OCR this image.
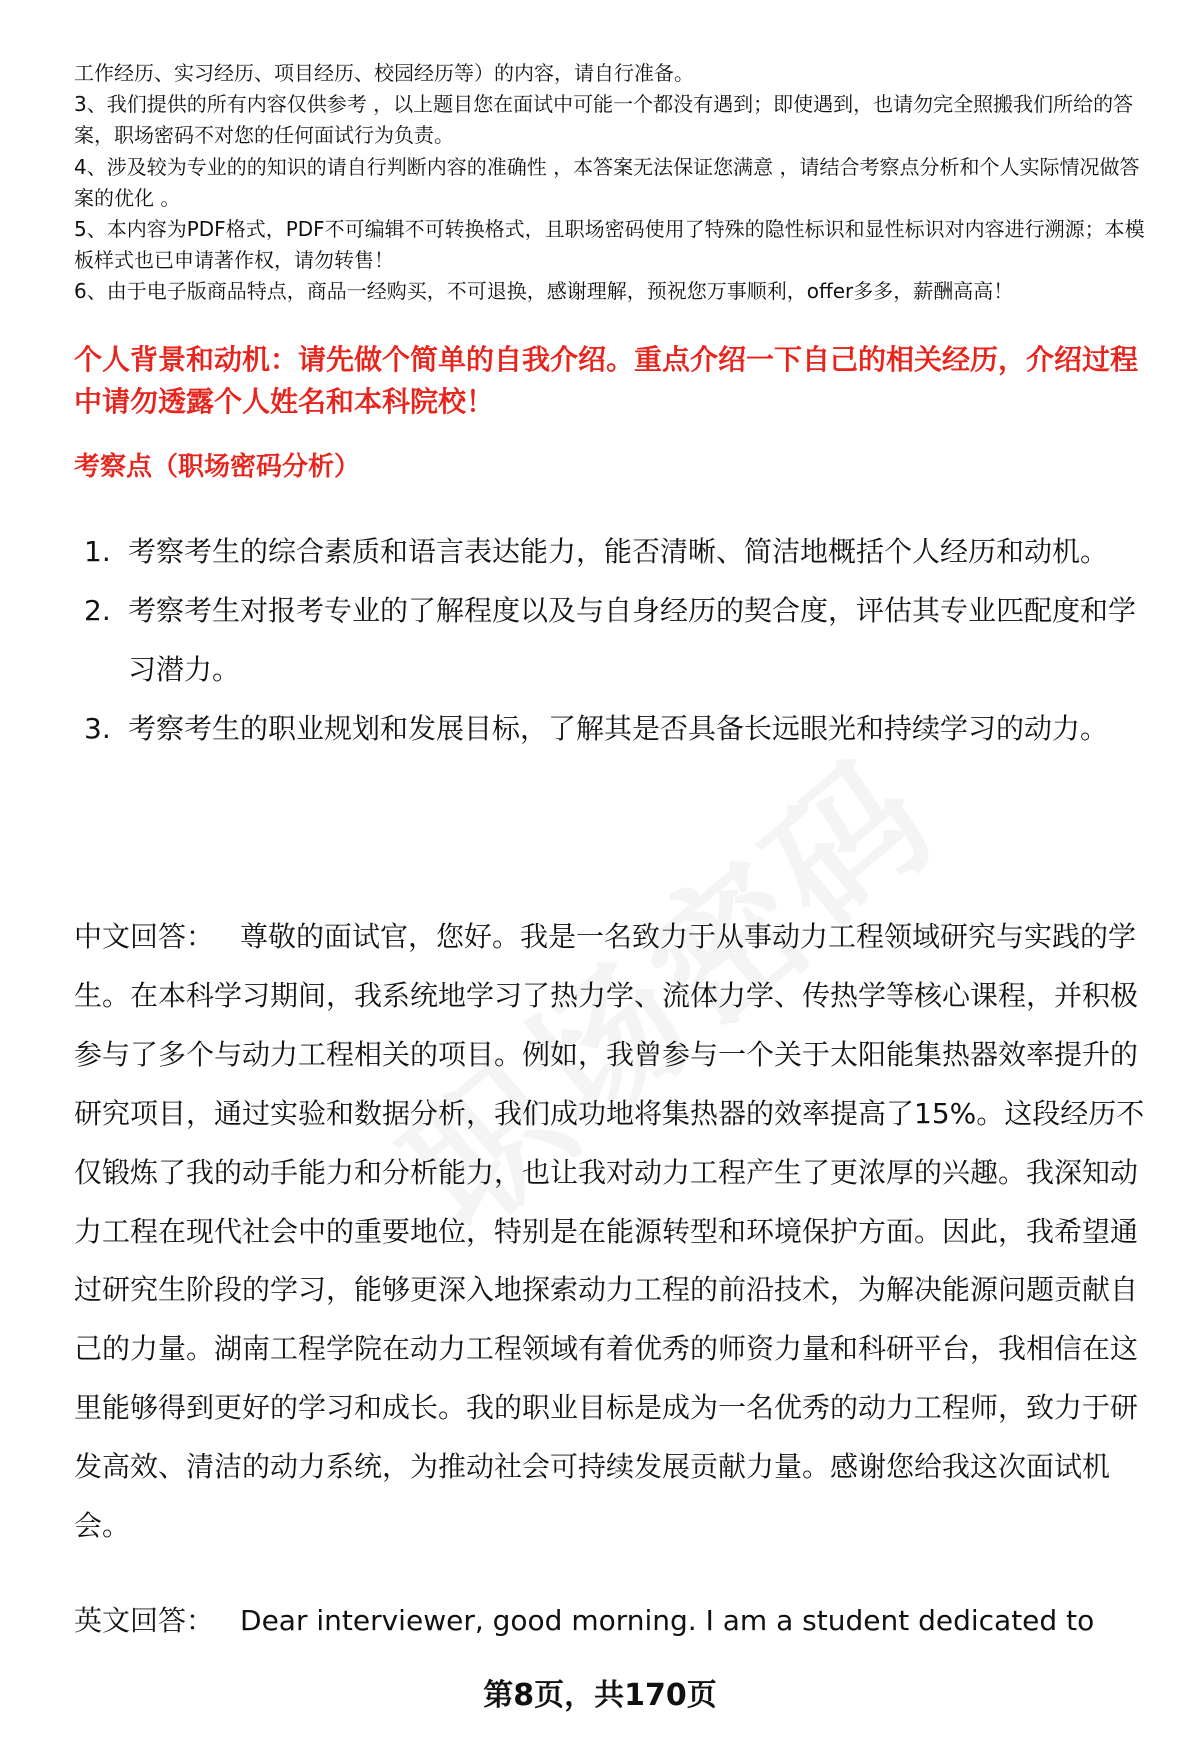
工作经历、实习经历、项目经历、校园经历等）的内容，请自行准备。

3、我们提供的所有内容仅供参考 ，以上题目您在面试中可能一个都没有遇到；即使遇到，也请勿完全照搬我们所给的答案，职场密码不对您的任何面试行为负责。

4、涉及较为专业的的知识的请自行判断内容的准确性 ，本答案无法保证您满意 ，请结合考察点分析和个人实际情况做答案的优化 。

5、本内容为PDF格式，PDF不可编辑不可转换格式，且职场密码使用了特殊的隐性标识和显性标识对内容进行溯源；本模板样式也已申请著作权，请勿转售！

6、由于电子版商品特点，商品一经购买，不可退换，感谢理解，预祝您万事顺利，offer多多，薪酬高高！

个人背景和动机：请先做个简单的自我介绍。重点介绍一下自己的相关经历，介绍过程中请勿透露个人姓名和本科院校！
考察点（职场密码分析）
1. 考察考生的综合素质和语言表达能力，能否清晰、简洁地概括个人经历和动机。
2. 考察考生对报考专业的了解程度以及与自身经历的契合度，评估其专业匹配度和学习潜力。
3. 考察考生的职业规划和发展目标，了解其是否具备长远眼光和持续学习的动力。

中文回答： 尊敬的面试官，您好。我是一名致力于从事动力工程领域研究与实践的学生。在本科学习期间，我系统地学习了热力学、流体力学、传热学等核心课程，并积极参与了多个与动力工程相关的项目。例如，我曾参与一个关于太阳能集热器效率提升的研究项目，通过实验和数据分析，我们成功地将集热器的效率提高了15%。这段经历不仅锻炼了我的动手能力和分析能力，也让我对动力工程产生了更浓厚的兴趣。我深知动力工程在现代社会中的重要地位，特别是在能源转型和环境保护方面。因此，我希望通过研究生阶段的学习，能够更深入地探索动力工程的前沿技术，为解决能源问题贡献自己的力量。湖南工程学院在动力工程领域有着优秀的师资力量和科研平台，我相信在这里能够得到更好的学习和成长。我的职业目标是成为一名优秀的动力工程师，致力于研发高效、清洁的动力系统，为推动社会可持续发展贡献力量。感谢您给我这次面试机会。

英文回答： Dear interviewer, good morning. I am a student dedicated to

第8页，共170页
